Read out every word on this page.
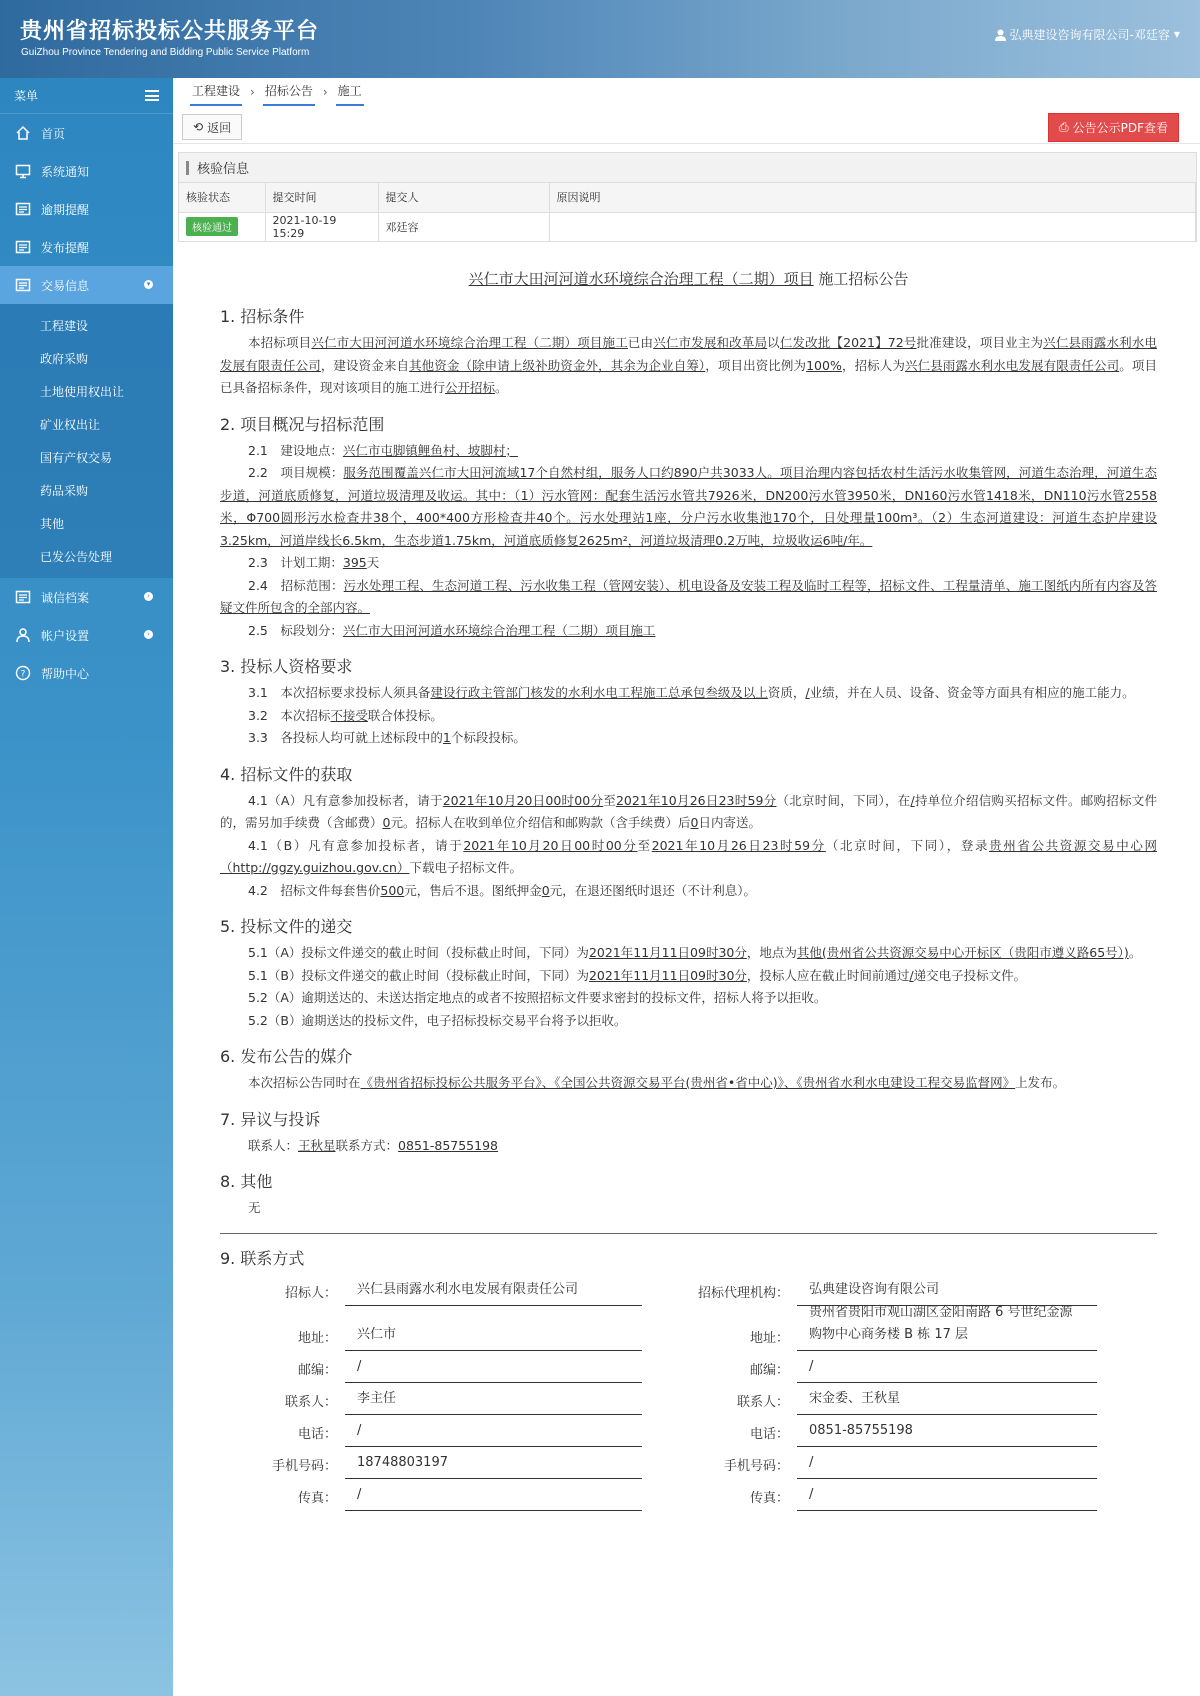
贵州省招标投标公共服务平台
GuiZhou Province Tendering and Bidding Public Service Platform
弘典建设咨询有限公司-邓廷容 ▼
菜单
首页
系统通知
逾期提醒
发布提醒
交易信息	▾
工程建设
政府采购
土地使用权出让
矿业权出让
国有产权交易
药品采购
其他
已发公告处理
诚信档案	›
帐户设置	›
? 帮助中心
工程建设 › 招标公告 › 施工
⟲ 返回	⎙ 公告公示PDF查看
核验信息
核验状态	提交时间	提交人	原因说明
核验通过	2021-10-19 15:29	邓廷容	
兴仁市大田河河道水环境综合治理工程（二期）项目 施工招标公告
1. 招标条件
本招标项目兴仁市大田河河道水环境综合治理工程（二期）项目施工已由兴仁市发展和改革局以仁发改批【2021】72号批准建设，项目业主为兴仁县雨露水利水电发展有限责任公司，建设资金来自其他资金（除申请上级补助资金外，其余为企业自筹），项目出资比例为100%，招标人为兴仁县雨露水利水电发展有限责任公司。项目已具备招标条件，现对该项目的施工进行公开招标。
2. 项目概况与招标范围
2.1　建设地点：兴仁市屯脚镇鲤鱼村、坡脚村；
2.2　项目规模：服务范围覆盖兴仁市大田河流域17个自然村组，服务人口约890户共3033人。项目治理内容包括农村生活污水收集管网，河道生态治理，河道生态步道，河道底质修复，河道垃圾清理及收运。其中：（1）污水管网：配套生活污水管共7926米，DN200污水管3950米，DN160污水管1418米，DN110污水管2558米，Φ700圆形污水检查井38个，400*400方形检查井40个。污水处理站1座，分户污水收集池170个，日处理量100m³。（2）生态河道建设：河道生态护岸建设3.25km，河道岸线长6.5km，生态步道1.75km，河道底质修复2625m²，河道垃圾清理0.2万吨，垃圾收运6吨/年。
2.3　计划工期：395天
2.4　招标范围：污水处理工程、生态河道工程、污水收集工程（管网安装）、机电设备及安装工程及临时工程等，招标文件、工程量清单、施工图纸内所有内容及答疑文件所包含的全部内容。
2.5　标段划分：兴仁市大田河河道水环境综合治理工程（二期）项目施工
3. 投标人资格要求
3.1　本次招标要求投标人须具备建设行政主管部门核发的水利水电工程施工总承包叁级及以上资质，/业绩，并在人员、设备、资金等方面具有相应的施工能力。
3.2　本次招标不接受联合体投标。
3.3　各投标人均可就上述标段中的1个标段投标。
4. 招标文件的获取
4.1（A）凡有意参加投标者，请于2021年10月20日00时00分至2021年10月26日23时59分（北京时间，下同），在/持单位介绍信购买招标文件。邮购招标文件的，需另加手续费（含邮费）0元。招标人在收到单位介绍信和邮购款（含手续费）后0日内寄送。
4.1（B）凡有意参加投标者，请于2021年10月20日00时00分至2021年10月26日23时59分（北京时间，下同），登录贵州省公共资源交易中心网（http://ggzy.guizhou.gov.cn）下载电子招标文件。
4.2　招标文件每套售价500元，售后不退。图纸押金0元，在退还图纸时退还（不计利息）。
5. 投标文件的递交
5.1（A）投标文件递交的截止时间（投标截止时间，下同）为2021年11月11日09时30分，地点为其他(贵州省公共资源交易中心开标区（贵阳市遵义路65号）)。
5.1（B）投标文件递交的截止时间（投标截止时间，下同）为2021年11月11日09时30分，投标人应在截止时间前通过/递交电子投标文件。
5.2（A）逾期送达的、未送达指定地点的或者不按照招标文件要求密封的投标文件，招标人将予以拒收。
5.2（B）逾期送达的投标文件，电子招标投标交易平台将予以拒收。
6. 发布公告的媒介
本次招标公告同时在《贵州省招标投标公共服务平台》、《全国公共资源交易平台(贵州省•省中心)》、《贵州省水利水电建设工程交易监督网》上发布。
7. 异议与投诉
联系人：王秋星联系方式：0851-85755198
8. 其他
无
9. 联系方式
招标人：	兴仁县雨露水利水电发展有限责任公司
地址：	兴仁市
邮编：	/
联系人：	李主任
电话：	/
手机号码：	18748803197
传真：	/
招标代理机构：	弘典建设咨询有限公司
地址：
贵州省贵阳市观山湖区金阳南路 6 号世纪金源购物中心商务楼 B 栋 17 层
邮编：	/
联系人：	宋金委、王秋星
电话：	0851-85755198
手机号码：	/
传真：	/
